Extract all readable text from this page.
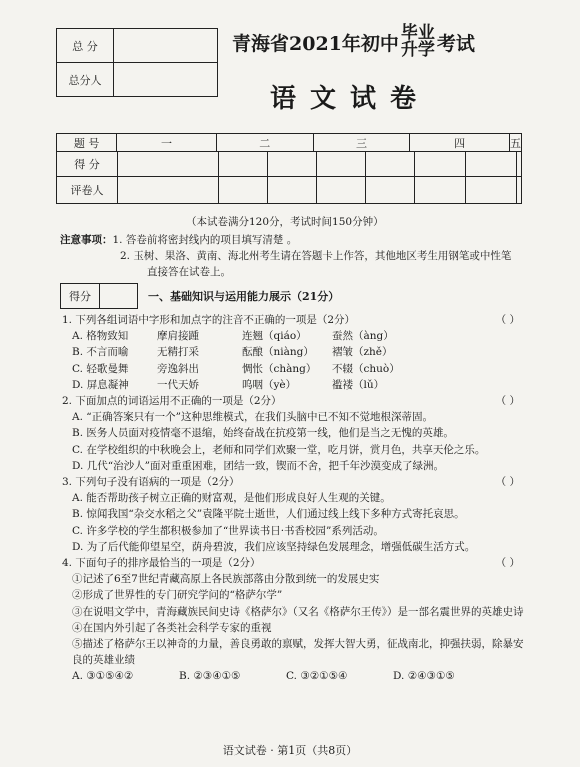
总 分
总分人
青海省2021年初中 毕业
升学 考试
语文试卷
题 号	一	二	三	四	五
得 分
评卷人
（本试卷满分120分，考试时间150分钟）
注意事项：1. 答卷前将密封线内的项目填写清楚 。
2. 玉树、果洛、黄南、海北州考生请在答题卡上作答，其他地区考生用钢笔或中性笔
直接答在试卷上。
得分	一、基础知识与运用能力展示（21分）
1. 下列各组词语中字形和加点字的注音不正确的一项是（2分）	（ ）
A. 格物致知	摩肩接踵	连翘（qiáo）	蚕然（àng）
B. 不言而喻	无精打采	酝酿（niàng）	褶皱（zhě）
C. 轻歌曼舞	旁逸斜出	惆怅（chàng）	不辍（chuò）
D. 屏息凝神	一代天娇	呜咽（yè）	褴褛（lǔ）
2. 下面加点的词语运用不正确的一项是（2分）	（ ）
A. “正确答案只有一个”这种思维模式，在我们头脑中已不知不觉地根深蒂固。
B. 医务人员面对疫情毫不退缩，始终奋战在抗疫第一线，他们是当之无愧的英雄。
C. 在学校组织的中秋晚会上，老师和同学们欢聚一堂，吃月饼，赏月色，共享天伦之乐。
D. 几代“治沙人”面对重重困难，团结一致，锲而不舍，把千年沙漠变成了绿洲。
3. 下列句子没有语病的一项是（2分）	（ ）
A. 能否帮助孩子树立正确的财富观，是他们形成良好人生观的关键。
B. 惊闻我国“杂交水稻之父”袁隆平院士逝世，人们通过线上线下多种方式寄托哀思。
C. 许多学校的学生都积极参加了“世界读书日·书香校园”系列活动。
D. 为了后代能仰望星空，荫舟碧波，我们应该坚持绿色发展理念，增强低碳生活方式。
4. 下面句子的排序最恰当的一项是（2分）	（ ）
①记述了6至7世纪青藏高原上各民族部落由分散到统一的发展史实
②形成了世界性的专门研究学问的“格萨尔学”
③在说唱文学中，青海藏族民间史诗《格萨尔》（又名《格萨尔王传》）是一部名震世界的英雄史诗
④在国内外引起了各类社会科学专家的重视
⑤描述了格萨尔王以神奇的力量，善良勇敢的禀赋，发挥大智大勇，征战南北，抑强扶弱，除暴安良的英雄业绩
A. ③①⑤④②	B. ②③④①⑤	C. ③②①⑤④	D. ②④③①⑤
语文试卷 · 第1页（共8页）
